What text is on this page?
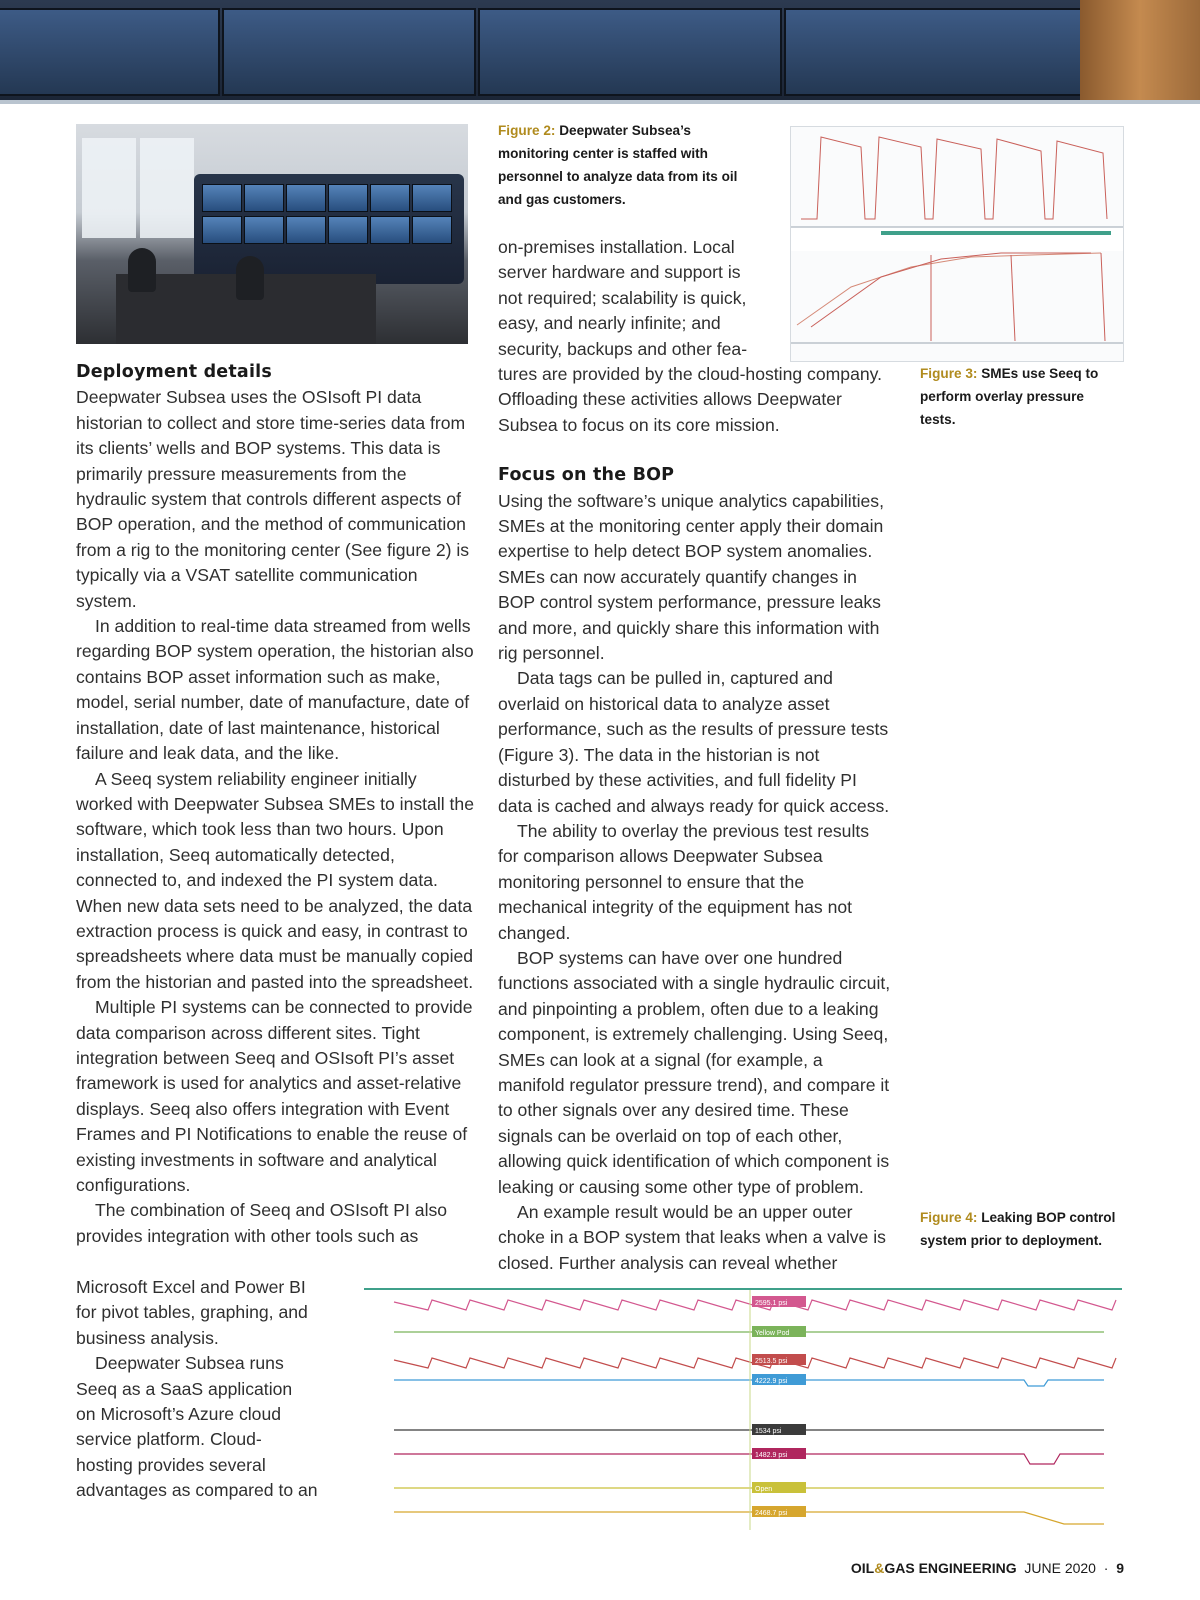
Figure 2: Deepwater Subsea’s monitoring center is staffed with personnel to analyze data from its oil and gas customers.
Figure 3: SMEs use Seeq to perform overlay pressure tests.
Deployment details

Deepwater Subsea uses the OSIsoft PI data historian to collect and store time-series data from its clients’ wells and BOP systems. This data is primarily pressure measurements from the hydraulic system that controls different aspects of BOP operation, and the method of communication from a rig to the monitoring center (See figure 2) is typically via a VSAT satellite communication system.

In addition to real-time data streamed from wells regarding BOP system operation, the historian also contains BOP asset information such as make, model, serial number, date of manufacture, date of installation, date of last maintenance, historical failure and leak data, and the like.

A Seeq system reliability engineer initially worked with Deepwater Subsea SMEs to install the software, which took less than two hours. Upon installation, Seeq automatically detected, connected to, and indexed the PI system data. When new data sets need to be analyzed, the data extraction process is quick and easy, in contrast to spreadsheets where data must be manually copied from the historian and pasted into the spreadsheet.

Multiple PI systems can be connected to provide data comparison across different sites. Tight integration between Seeq and OSIsoft PI’s asset framework is used for analytics and asset-relative displays. Seeq also offers integration with Event Frames and PI Notifications to enable the reuse of existing investments in software and analytical configurations.

The combination of Seeq and OSIsoft PI also provides integration with other tools such as

Microsoft Excel and Power BI

for pivot tables, graphing, and

business analysis.

Deepwater Subsea runs

Seeq as a SaaS application

on Microsoft’s Azure cloud

service platform. Cloud-

hosting provides several

advantages as compared to an

on-premises installation. Local

server hardware and support is

not required; scalability is quick,

easy, and nearly infinite; and

security, backups and other fea-

tures are provided by the cloud-hosting company. Offloading these activities allows Deepwater Subsea to focus on its core mission.

Focus on the BOP

Using the software’s unique analytics capabilities, SMEs at the monitoring center apply their domain expertise to help detect BOP system anomalies. SMEs can now accurately quantify changes in BOP control system performance, pressure leaks and more, and quickly share this information with rig personnel.

Data tags can be pulled in, captured and overlaid on historical data to analyze asset performance, such as the results of pressure tests (Figure 3). The data in the historian is not disturbed by these activities, and full fidelity PI data is cached and always ready for quick access.

The ability to overlay the previous test results for comparison allows Deepwater Subsea monitoring personnel to ensure that the mechanical integrity of the equipment has not changed.

BOP systems can have over one hundred functions associated with a single hydraulic circuit, and pinpointing a problem, often due to a leaking component, is extremely challenging. Using Seeq, SMEs can look at a signal (for example, a manifold regulator pressure trend), and compare it to other signals over any desired time. These signals can be overlaid on top of each other, allowing quick identification of which component is leaking or causing some other type of problem.

An example result would be an upper outer choke in a BOP system that leaks when a valve is closed. Further analysis can reveal whether

Figure 4: Leaking BOP control system prior to deployment.
2595.1 psi
Yellow Pod
2513.5 psi
4222.9 psi
1534 psi
1482.9 psi
Open
2468.7 psi
OIL&GAS ENGINEERING JUNE 2020 · 9
